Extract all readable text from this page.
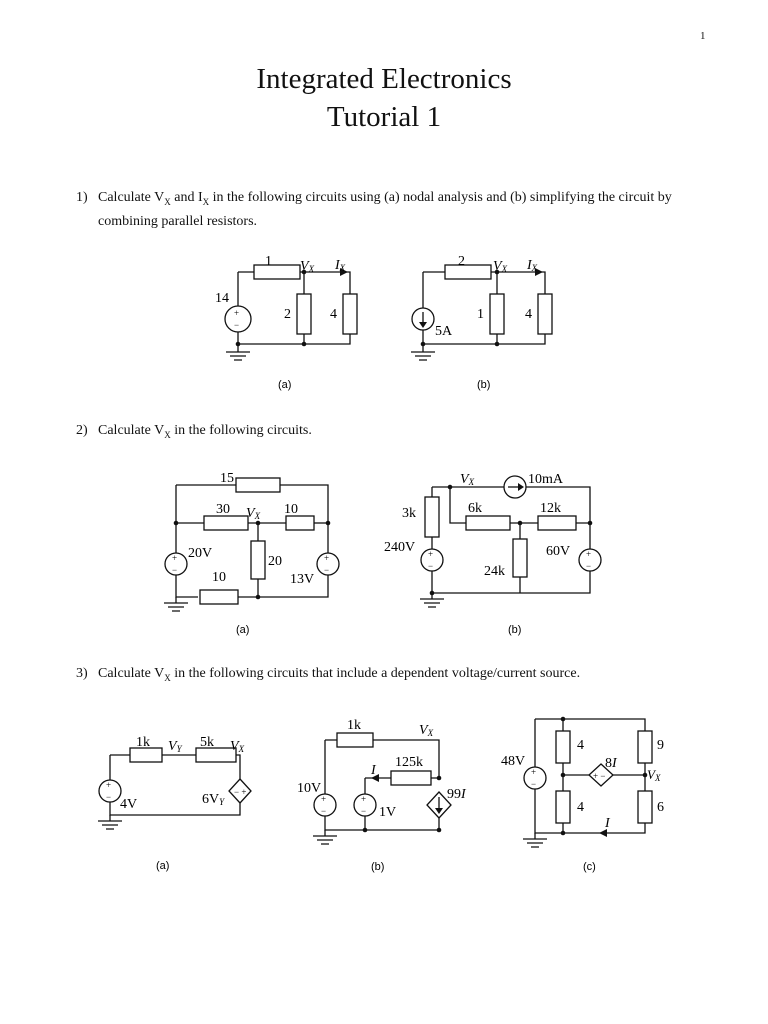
1
Integrated Electronics
Tutorial 1
1) Calculate $V_X$ and $I_X$ in the following circuits using (a) nodal analysis and (b) simplifying the circuit by combining parallel resistors.
+
−
1
2	4
14
VX IX
(a)
2
1	4
5A
VX IX
(b)
2) Calculate $V_X$ in the following circuits.
+
−
+
−
15
30	10
20
10
20V
13V
VX
(a)
+
−
+
−
3k	6k	12k
24k
240V	60V
10mA
VX
(b)
3) Calculate $V_X$ in the following circuits that include a dependent voltage/current source.
+
−	− +
1k	5k
VY	VX
4V	6VY
(a)
+
−
+
−
1k
125k
VX
10V
1V
I
99I
(b)
+
−
+ −
48V
4
4
9
6
8I
VX
I
(c)
